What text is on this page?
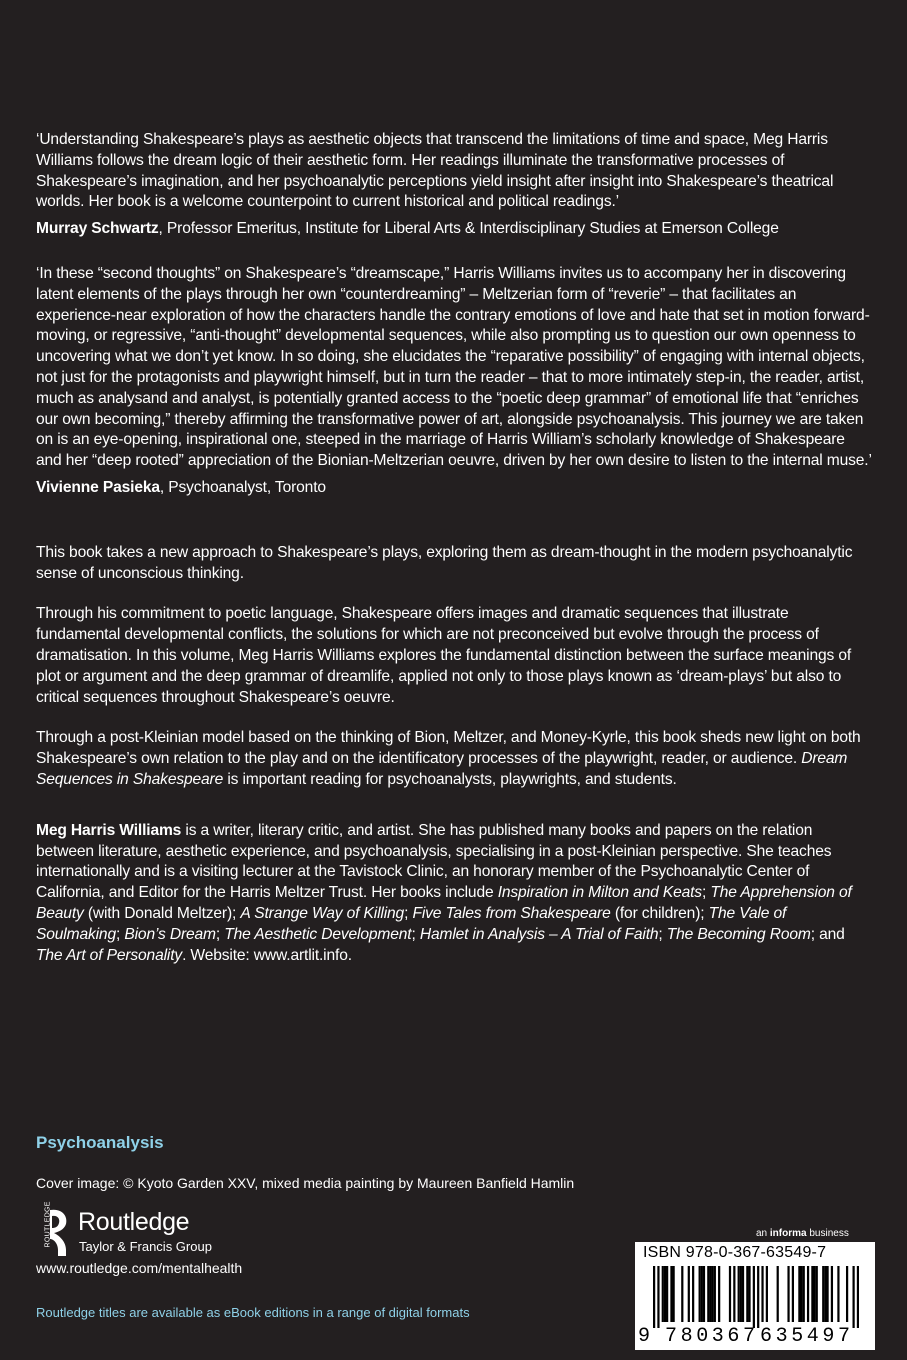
‘Understanding Shakespeare’s plays as aesthetic objects that transcend the limitations of time and space, Meg Harris Williams follows the dream logic of their aesthetic form. Her readings illuminate the transformative processes of Shakespeare’s imagination, and her psychoanalytic perceptions yield insight after insight into Shakespeare’s theatrical worlds. Her book is a welcome counterpoint to current historical and political readings.’

Murray Schwartz, Professor Emeritus, Institute for Liberal Arts & Interdisciplinary Studies at Emerson College

‘In these “second thoughts” on Shakespeare’s “dreamscape,” Harris Williams invites us to accompany her in discovering latent elements of the plays through her own “counterdreaming” – Meltzerian form of “reverie” – that facilitates an experience-near exploration of how the characters handle the contrary emotions of love and hate that set in motion forward-moving, or regressive, “anti-thought” developmental sequences, while also prompting us to question our own openness to uncovering what we don’t yet know. In so doing, she elucidates the “reparative possibility” of engaging with internal objects, not just for the protagonists and playwright himself, but in turn the reader – that to more intimately step-in, the reader, artist, much as analysand and analyst, is potentially granted access to the “poetic deep grammar” of emotional life that “enriches our own becoming,” thereby affirming the transformative power of art, alongside psychoanalysis. This journey we are taken on is an eye-opening, inspirational one, steeped in the marriage of Harris William’s scholarly knowledge of Shakespeare and her “deep rooted” appreciation of the Bionian-Meltzerian oeuvre, driven by her own desire to listen to the internal muse.’

Vivienne Pasieka, Psychoanalyst, Toronto

This book takes a new approach to Shakespeare’s plays, exploring them as dream-thought in the modern psychoanalytic sense of unconscious thinking.

Through his commitment to poetic language, Shakespeare offers images and dramatic sequences that illustrate fundamental developmental conflicts, the solutions for which are not preconceived but evolve through the process of dramatisation. In this volume, Meg Harris Williams explores the fundamental distinction between the surface meanings of plot or argument and the deep grammar of dreamlife, applied not only to those plays known as ‘dream-plays’ but also to critical sequences throughout Shakespeare’s oeuvre.

Through a post-Kleinian model based on the thinking of Bion, Meltzer, and Money-Kyrle, this book sheds new light on both Shakespeare’s own relation to the play and on the identificatory processes of the playwright, reader, or audience. Dream Sequences in Shakespeare is important reading for psychoanalysts, playwrights, and students.

Meg Harris Williams is a writer, literary critic, and artist. She has published many books and papers on the relation between literature, aesthetic experience, and psychoanalysis, specialising in a post-Kleinian perspective. She teaches internationally and is a visiting lecturer at the Tavistock Clinic, an honorary member of the Psychoanalytic Center of California, and Editor for the Harris Meltzer Trust. Her books include Inspiration in Milton and Keats; The Apprehension of Beauty (with Donald Meltzer); A Strange Way of Killing; Five Tales from Shakespeare (for children); The Vale of Soulmaking; Bion’s Dream; The Aesthetic Development; Hamlet in Analysis – A Trial of Faith; The Becoming Room; and The Art of Personality. Website: www.artlit.info.

Psychoanalysis
Cover image: © Kyoto Garden XXV, mixed media painting by Maureen Banfield Hamlin
ROUTLEDGE Routledge
Taylor & Francis Group
www.routledge.com/mentalhealth
Routledge titles are available as eBook editions in a range of digital formats
an informa business
ISBN 978-0-367-63549-7
9 780367 635497
